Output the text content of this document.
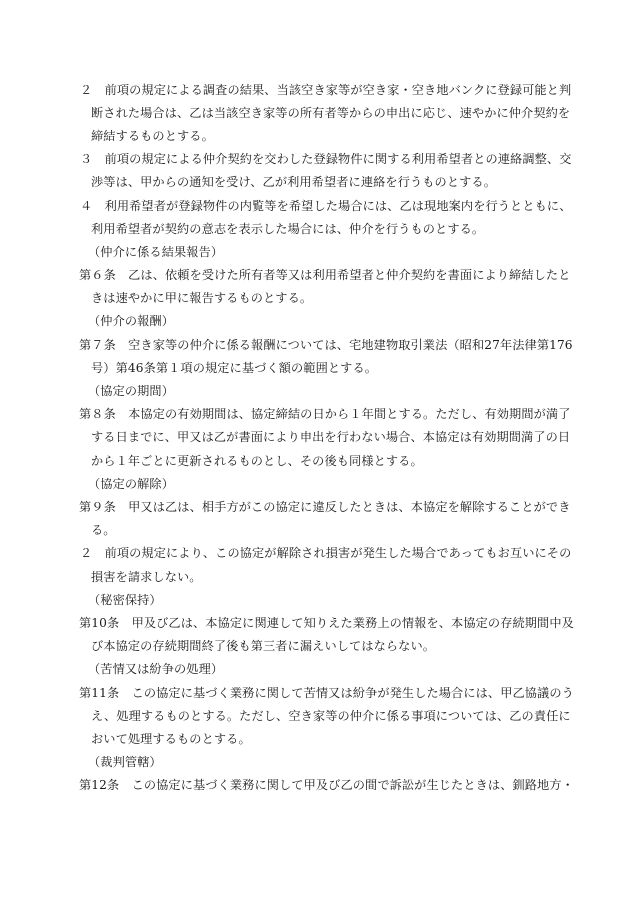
２　前項の規定による調査の結果、当該空き家等が空き家・空き地バンクに登録可能と判
断された場合は、乙は当該空き家等の所有者等からの申出に応じ、速やかに仲介契約を
締結するものとする。
３　前項の規定による仲介契約を交わした登録物件に関する利用希望者との連絡調整、交
渉等は、甲からの通知を受け、乙が利用希望者に連絡を行うものとする。
４　利用希望者が登録物件の内覧等を希望した場合には、乙は現地案内を行うとともに、
利用希望者が契約の意志を表示した場合には、仲介を行うものとする。
（仲介に係る結果報告）
第６条　乙は、依頼を受けた所有者等又は利用希望者と仲介契約を書面により締結したと
きは速やかに甲に報告するものとする。
（仲介の報酬）
第７条　空き家等の仲介に係る報酬については、宅地建物取引業法（昭和27年法律第176
号）第46条第１項の規定に基づく額の範囲とする。
（協定の期間）
第８条　本協定の有効期間は、協定締結の日から１年間とする。ただし、有効期間が満了
する日までに、甲又は乙が書面により申出を行わない場合、本協定は有効期間満了の日
から１年ごとに更新されるものとし、その後も同様とする。
（協定の解除）
第９条　甲又は乙は、相手方がこの協定に違反したときは、本協定を解除することができ
る。
２　前項の規定により、この協定が解除され損害が発生した場合であってもお互いにその
損害を請求しない。
（秘密保持）
第10条　甲及び乙は、本協定に関連して知りえた業務上の情報を、本協定の存続期間中及
び本協定の存続期間終了後も第三者に漏えいしてはならない。
（苦情又は紛争の処理）
第11条　この協定に基づく業務に関して苦情又は紛争が発生した場合には、甲乙協議のう
え、処理するものとする。ただし、空き家等の仲介に係る事項については、乙の責任に
おいて処理するものとする。
（裁判管轄）
第12条　この協定に基づく業務に関して甲及び乙の間で訴訟が生じたときは、釧路地方・
